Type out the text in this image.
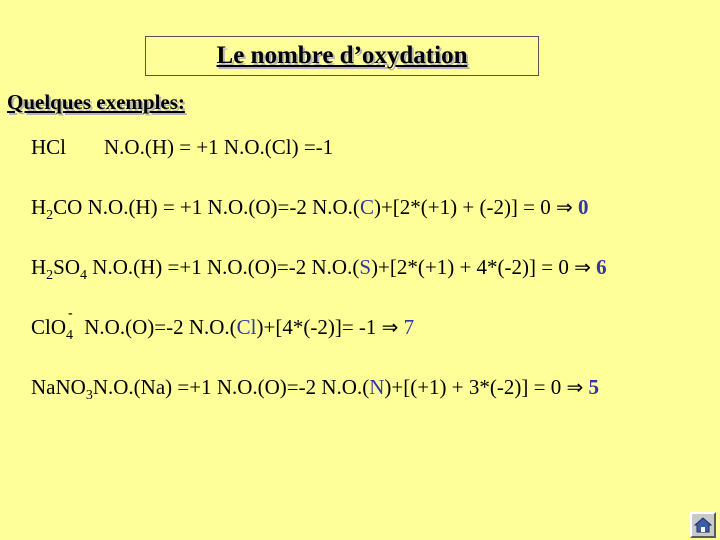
Le nombre d’oxydation
Quelques exemples:
HCl N.O.(H) = +1 N.O.(Cl) =-1
$H_2CO$ N.O.(H) = +1 N.O.(O)=-2 N.O.(C)+[2*(+1) + (-2)] = 0 ⇒ 0
$H_2SO_4$ N.O.(H) =+1 N.O.(O)=-2 N.O.(S)+[2*(+1) + 4*(-2)] = 0 ⇒ 6
ClO$_4$
-
N.O.(O)=-2 N.O.(Cl)+[4*(-2)]= -1 ⇒ 7
NaNO$_3$N.O.(Na) =+1 N.O.(O)=-2 N.O.(N)+[(+1) + 3*(-2)] = 0 ⇒ 5
